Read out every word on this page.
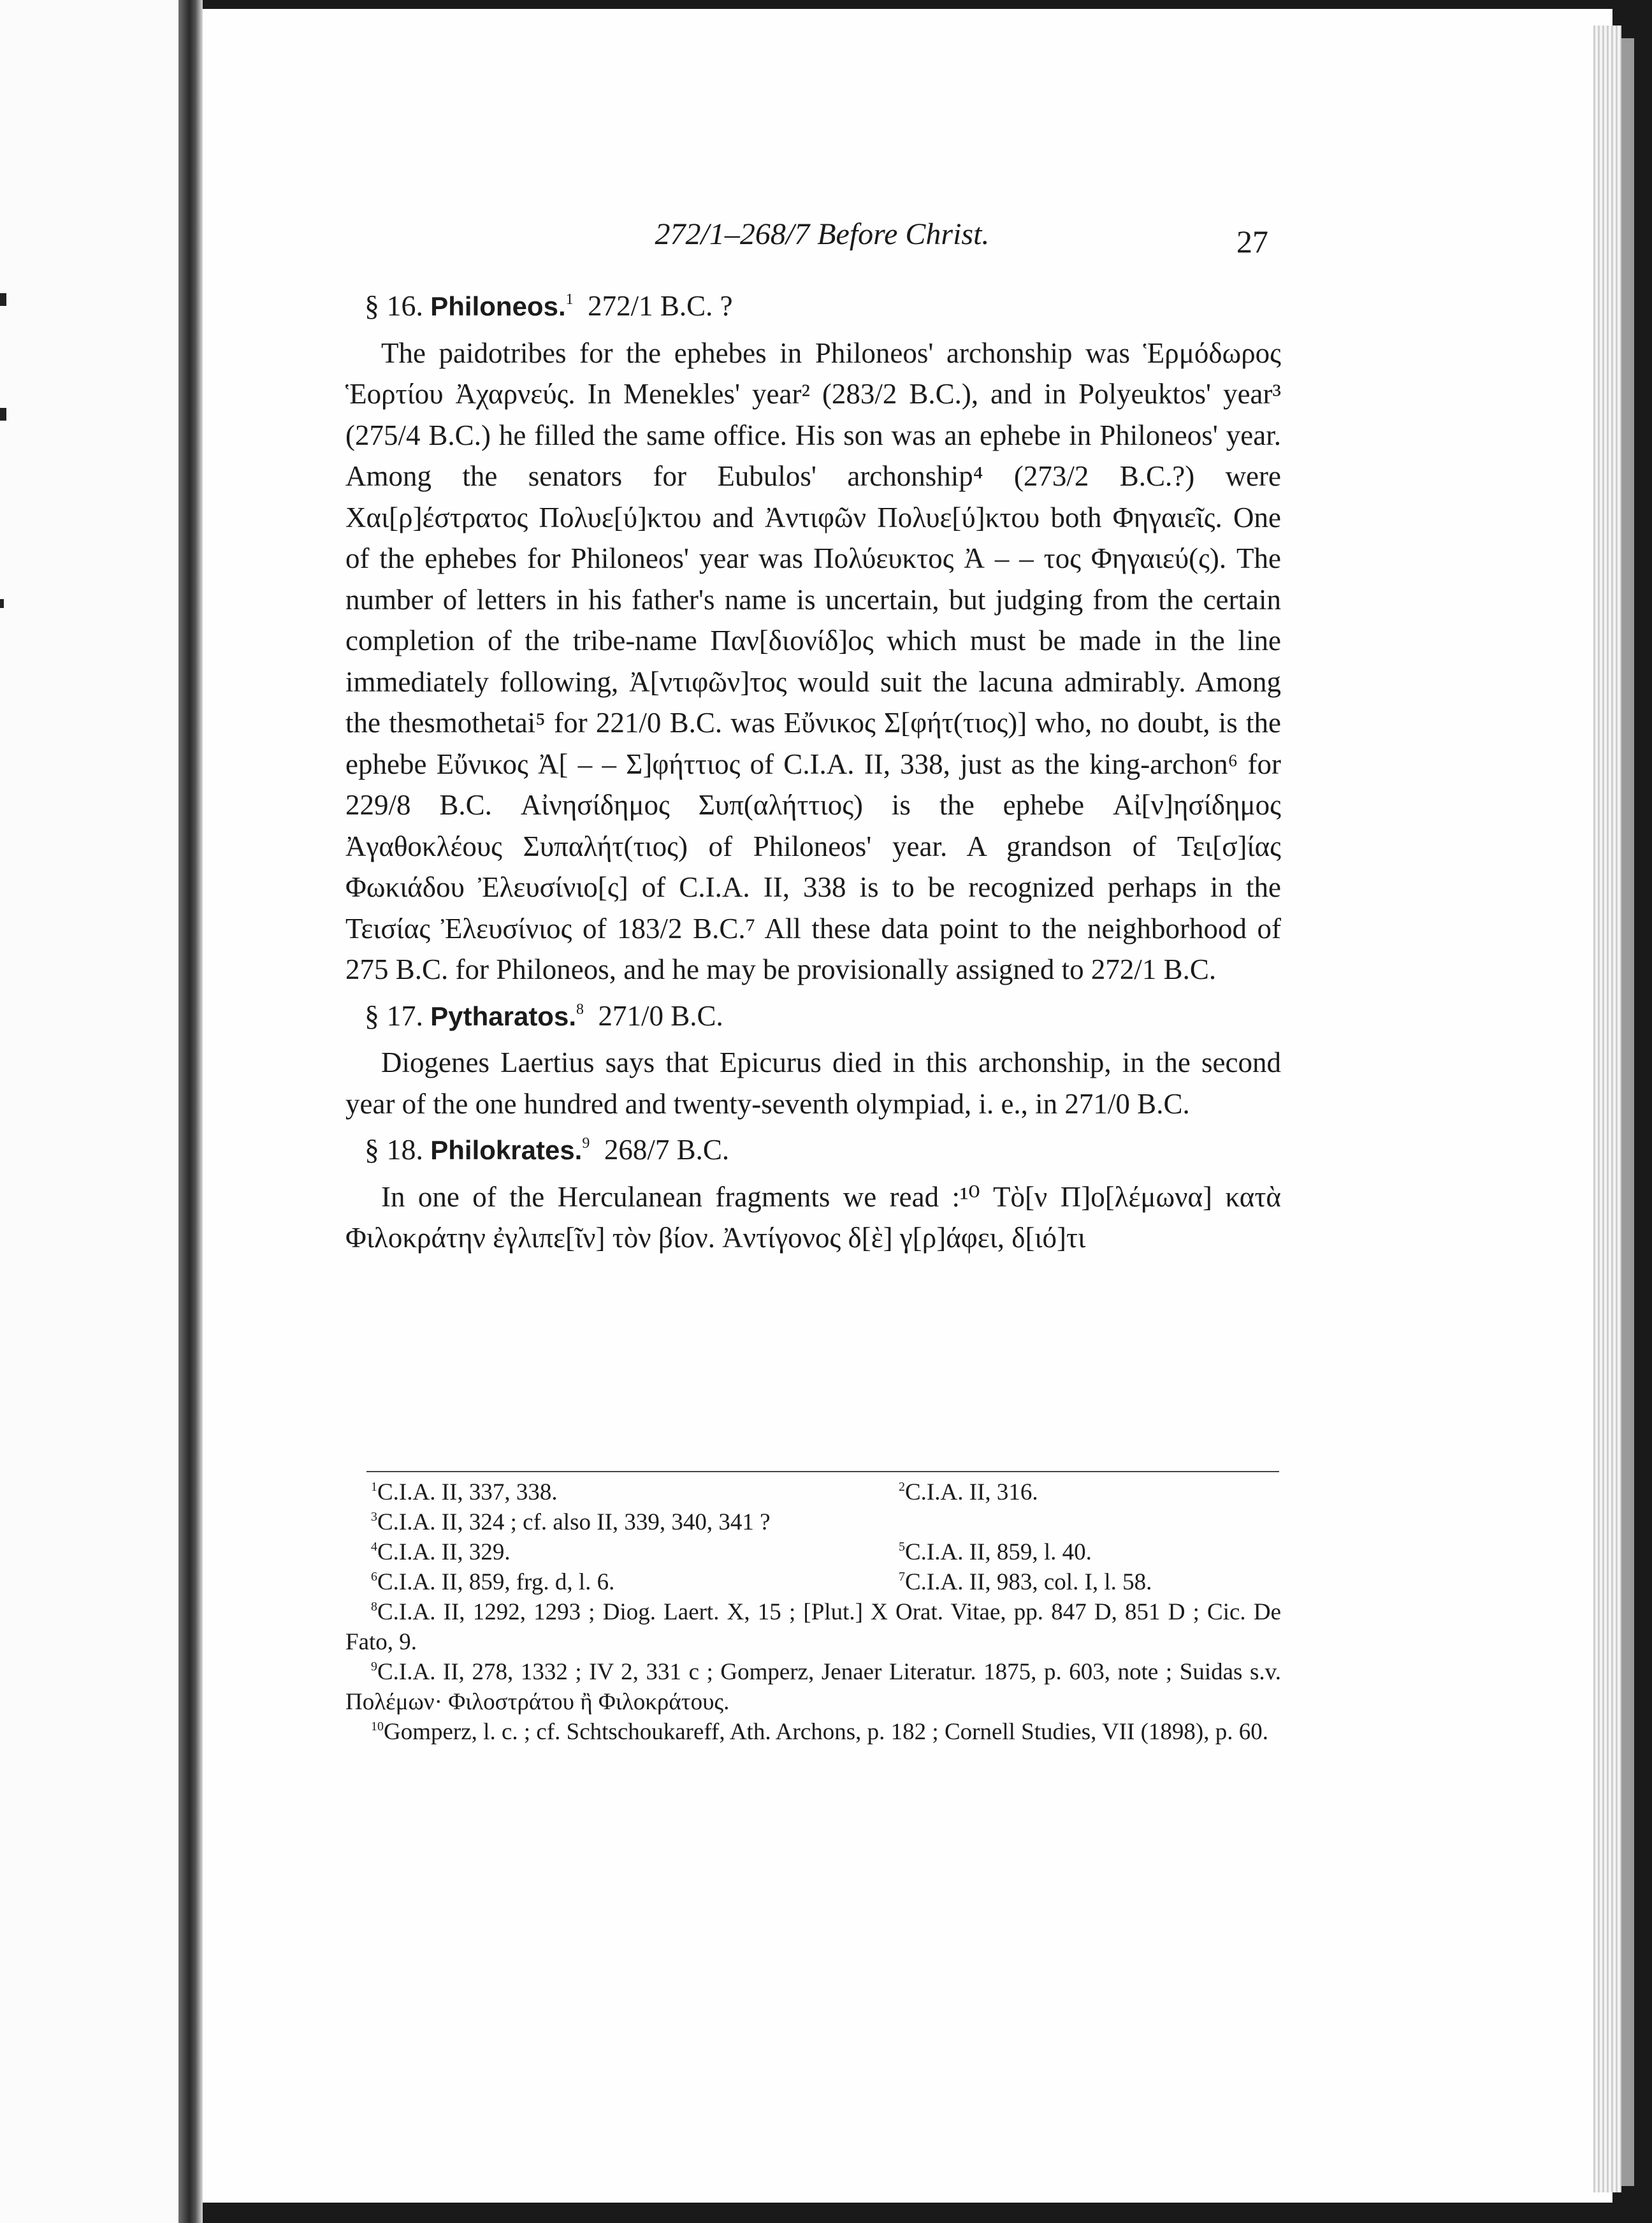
272/1–268/7 Before Christ.	27
§ 16. Philoneos.$^1$ 272/1 B.C. ?

The paidotribes for the ephebes in Philoneos' archonship was Ἑρμόδωρος Ἑορτίου Ἀχαρνεύς. In Menekles' year² (283/2 B.C.), and in Polyeuktos' year³ (275/4 B.C.) he filled the same office. His son was an ephebe in Philoneos' year. Among the senators for Eubulos' archonship⁴ (273/2 B.C.?) were Χαι[ρ]έστρατος Πολυε[ύ]κτου and Ἀντιφῶν Πολυε[ύ]κτου both Φηγαιεῖς. One of the ephebes for Philoneos' year was Πολύευκτος Ἀ – – τος Φηγαιεύ(ς). The number of letters in his father's name is uncertain, but judging from the certain completion of the tribe-name Παν[διονίδ]ος which must be made in the line immediately following, Ἀ[ντιφῶν]τος would suit the lacuna admirably. Among the thesmothetai⁵ for 221/0 B.C. was Εὔνικος Σ[φήτ(τιος)] who, no doubt, is the ephebe Εὔνικος Ἀ[ – – Σ]φήττιος of C.I.A. II, 338, just as the king-archon⁶ for 229/8 B.C. Αἰνησίδημος Συπ(αλήττιος) is the ephebe Αἰ[ν]ησίδημος Ἀγαθοκλέους Συπαλήτ(τιος) of Philoneos' year. A grandson of Τει[σ]ίας Φωκιάδου Ἐλευσίνιο[ς] of C.I.A. II, 338 is to be recognized perhaps in the Τεισίας Ἐλευσίνιος of 183/2 B.C.⁷ All these data point to the neighborhood of 275 B.C. for Philoneos, and he may be provisionally assigned to 272/1 B.C.

§ 17. Pytharatos.$^8$ 271/0 B.C.

Diogenes Laertius says that Epicurus died in this archonship, in the second year of the one hundred and twenty-seventh olympiad, i. e., in 271/0 B.C.

§ 18. Philokrates.$^9$ 268/7 B.C.

In one of the Herculanean fragments we read :¹⁰ Τὸ[ν Π]ο[λέμωνα] κατὰ Φιλοκράτην ἐγλιπε[ῖν] τὸν βίον. Ἀντίγονος δ[ὲ] γ[ρ]άφει, δ[ιό]τι

$^1$C.I.A. II, 337, 338.	$^2$C.I.A. II, 316.
$^3$C.I.A. II, 324 ; cf. also II, 339, 340, 341 ?
$^4$C.I.A. II, 329.	$^5$C.I.A. II, 859, l. 40.
$^6$C.I.A. II, 859, frg. d, l. 6.	$^7$C.I.A. II, 983, col. I, l. 58.
$^8$C.I.A. II, 1292, 1293 ; Diog. Laert. X, 15 ; [Plut.] X Orat. Vitae, pp. 847 D, 851 D ; Cic. De Fato, 9.
$^9$C.I.A. II, 278, 1332 ; IV 2, 331 c ; Gomperz, Jenaer Literatur. 1875, p. 603, note ; Suidas s.v. Πολέμων· Φιλοστράτου ἢ Φιλοκράτους.
$^{10}$Gomperz, l. c. ; cf. Schtschoukareff, Ath. Archons, p. 182 ; Cornell Studies, VII (1898), p. 60.
